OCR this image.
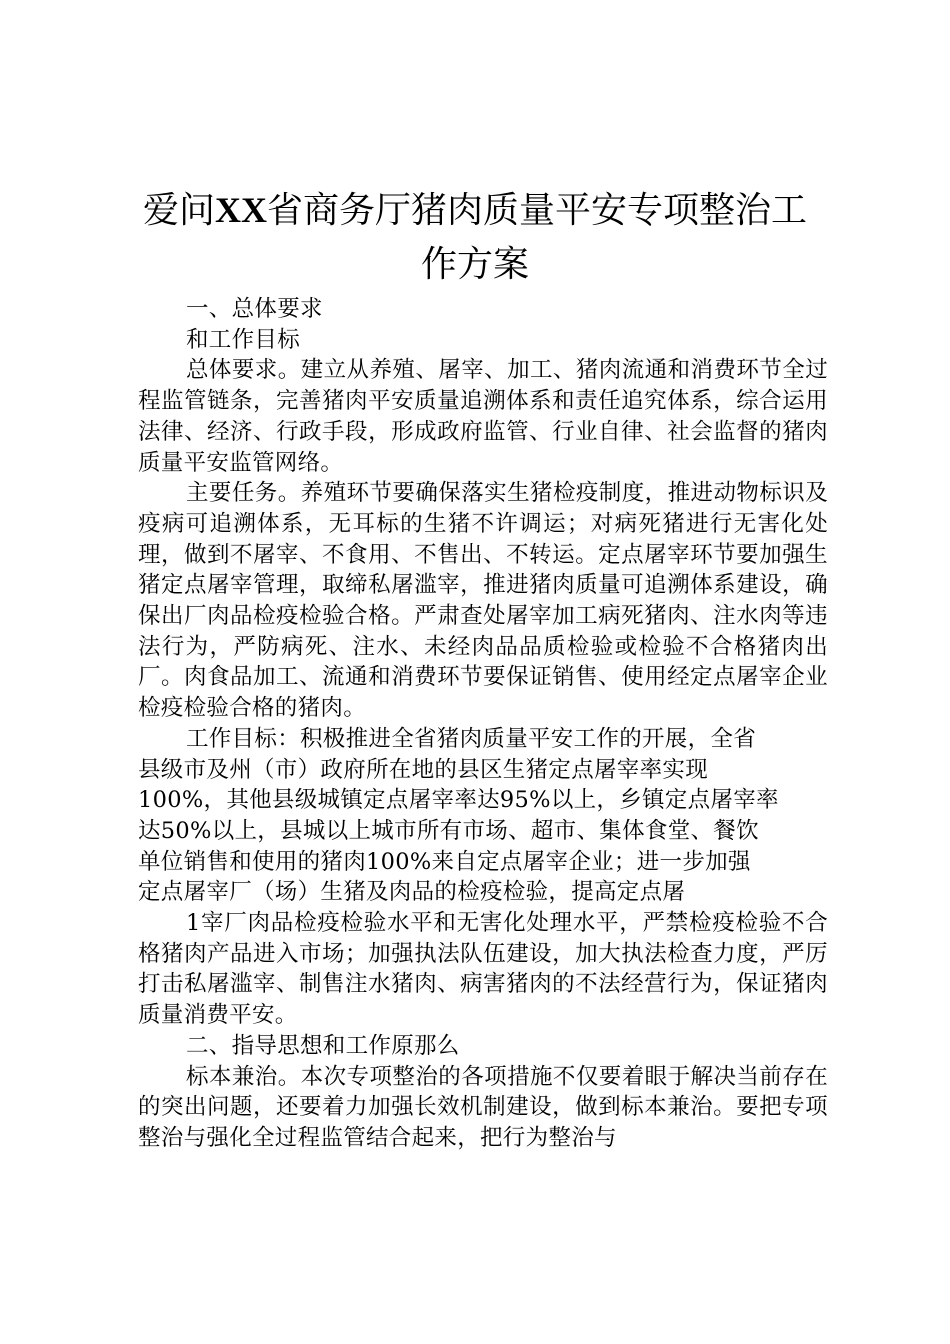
爱问XX省商务厅猪肉质量平安专项整治工
作方案

一、总体要求

和工作目标

总体要求。建立从养殖、屠宰、加工、猪肉流通和消费环节全过程监管链条，完善猪肉平安质量追溯体系和责任追究体系，综合运用法律、经济、行政手段，形成政府监管、行业自律、社会监督的猪肉质量平安监管网络。

主要任务。养殖环节要确保落实生猪检疫制度，推进动物标识及疫病可追溯体系，无耳标的生猪不许调运；对病死猪进行无害化处理，做到不屠宰、不食用、不售出、不转运。定点屠宰环节要加强生猪定点屠宰管理，取缔私屠滥宰，推进猪肉质量可追溯体系建设，确保出厂肉品检疫检验合格。严肃查处屠宰加工病死猪肉、注水肉等违法行为，严防病死、注水、未经肉品品质检验或检验不合格猪肉出厂。肉食品加工、流通和消费环节要保证销售、使用经定点屠宰企业检疫检验合格的猪肉。

工作目标：积极推进全省猪肉质量平安工作的开展，全省
县级市及州（市）政府所在地的县区生猪定点屠宰率实现
100%，其他县级城镇定点屠宰率达95%以上，乡镇定点屠宰率
达50%以上，县城以上城市所有市场、超市、集体食堂、餐饮
单位销售和使用的猪肉100%来自定点屠宰企业；进一步加强
定点屠宰厂（场）生猪及肉品的检疫检验，提高定点屠

1宰厂肉品检疫检验水平和无害化处理水平，严禁检疫检验不合格猪肉产品进入市场；加强执法队伍建设，加大执法检查力度，严厉打击私屠滥宰、制售注水猪肉、病害猪肉的不法经营行为，保证猪肉质量消费平安。

二、指导思想和工作原那么

标本兼治。本次专项整治的各项措施不仅要着眼于解决当前存在的突出问题，还要着力加强长效机制建设，做到标本兼治。要把专项整治与强化全过程监管结合起来，把行为整治与
